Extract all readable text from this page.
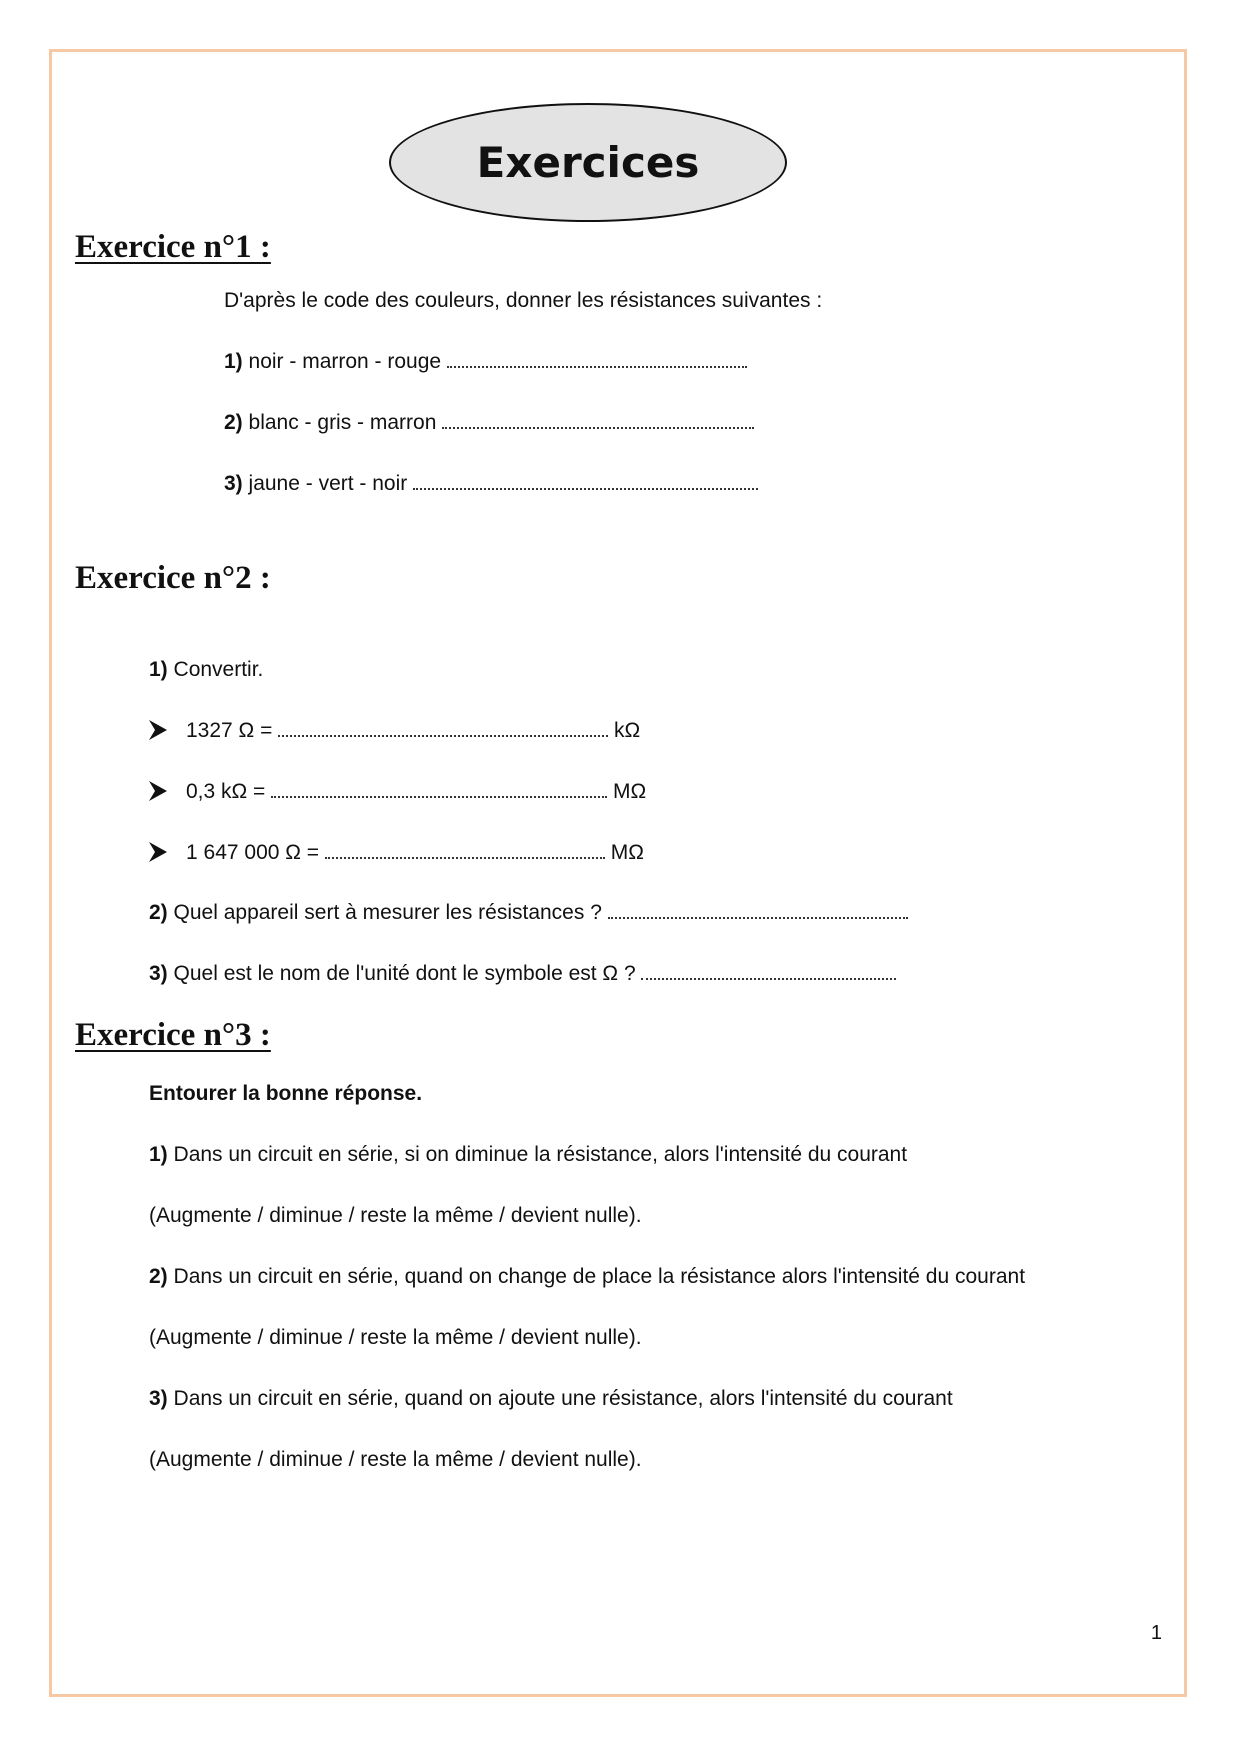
Exercices
Exercice n°1 :
D'après le code des couleurs, donner les résistances suivantes :
1) noir - marron - rouge
2) blanc - gris - marron
3) jaune - vert - noir
Exercice n°2 :
1) Convertir.
1327 Ω =	kΩ
0,3 kΩ =	MΩ
1 647 000 Ω =	MΩ
2) Quel appareil sert à mesurer les résistances ?
3) Quel est le nom de l'unité dont le symbole est Ω ?
Exercice n°3 :
Entourer la bonne réponse.
1) Dans un circuit en série, si on diminue la résistance, alors l'intensité du courant
(Augmente / diminue / reste la même / devient nulle).
2) Dans un circuit en série, quand on change de place la résistance alors l'intensité du courant
(Augmente / diminue / reste la même / devient nulle).
3) Dans un circuit en série, quand on ajoute une résistance, alors l'intensité du courant
(Augmente / diminue / reste la même / devient nulle).
1
